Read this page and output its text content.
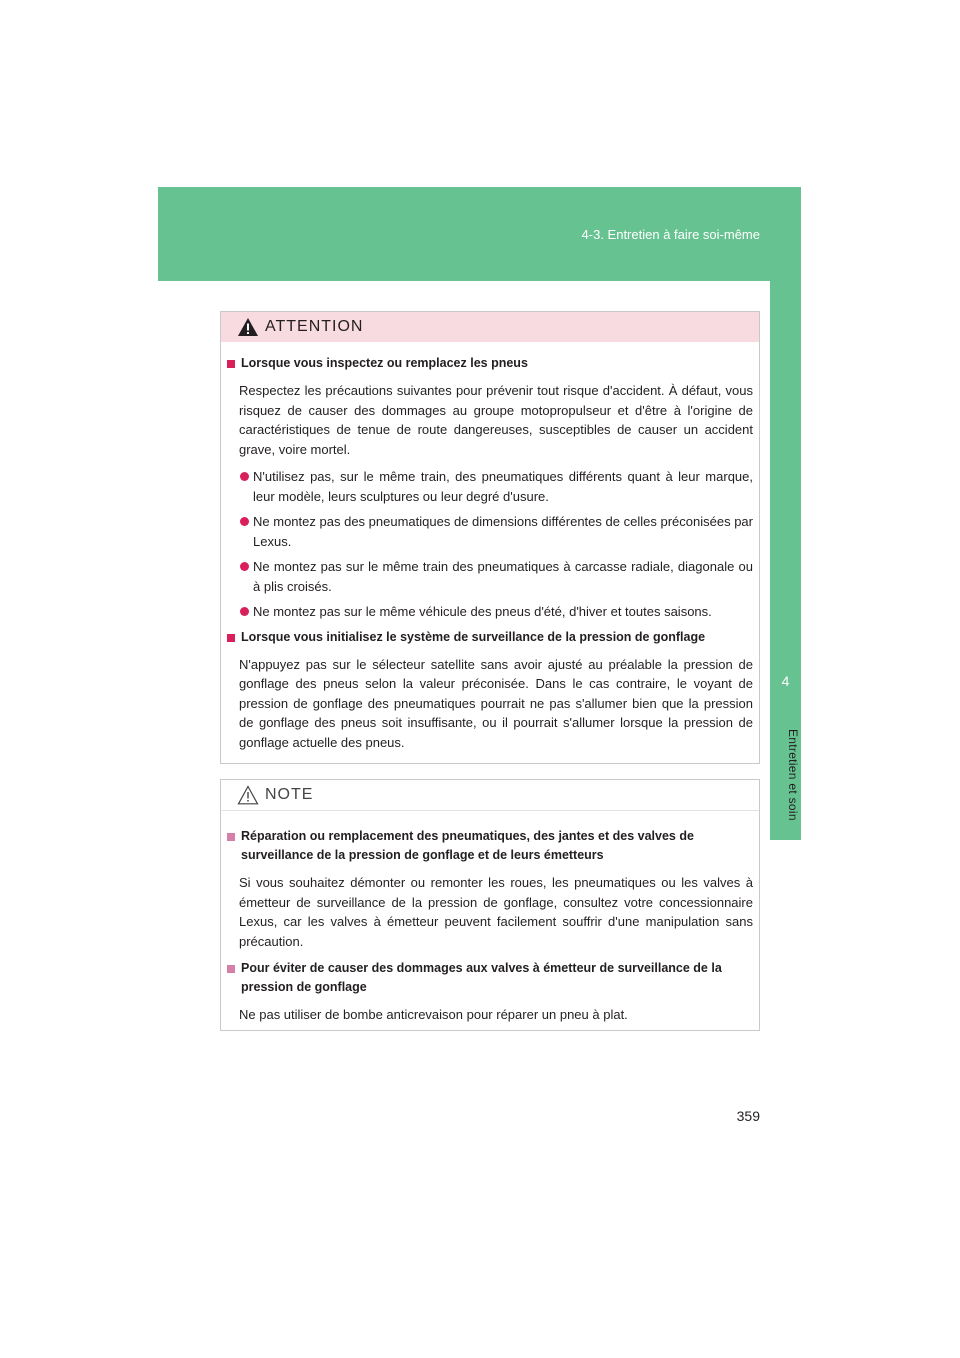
4-3. Entretien à faire soi-même
4
Entretien et soin
ATTENTION
Lorsque vous inspectez ou remplacez les pneus
Respectez les précautions suivantes pour prévenir tout risque d'accident. À défaut, vous risquez de causer des dommages au groupe motopropulseur et d'être à l'origine de caractéristiques de tenue de route dangereuses, susceptibles de causer un accident grave, voire mortel.
N'utilisez pas, sur le même train, des pneumatiques différents quant à leur marque, leur modèle, leurs sculptures ou leur degré d'usure.
Ne montez pas des pneumatiques de dimensions différentes de celles préconisées par Lexus.
Ne montez pas sur le même train des pneumatiques à carcasse radiale, diagonale ou à plis croisés.
Ne montez pas sur le même véhicule des pneus d'été, d'hiver et toutes saisons.
Lorsque vous initialisez le système de surveillance de la pression de gonflage
N'appuyez pas sur le sélecteur satellite sans avoir ajusté au préalable la pression de gonflage des pneus selon la valeur préconisée. Dans le cas contraire, le voyant de pression de gonflage des pneumatiques pourrait ne pas s'allumer bien que la pression de gonflage des pneus soit insuffisante, ou il pourrait s'allumer lorsque la pression de gonflage actuelle des pneus.
NOTE
Réparation ou remplacement des pneumatiques, des jantes et des valves de surveillance de la pression de gonflage et de leurs émetteurs
Si vous souhaitez démonter ou remonter les roues, les pneumatiques ou les valves à émetteur de surveillance de la pression de gonflage, consultez votre concessionnaire Lexus, car les valves à émetteur peuvent facilement souffrir d'une manipulation sans précaution.
Pour éviter de causer des dommages aux valves à émetteur de surveillance de la pression de gonflage
Ne pas utiliser de bombe anticrevaison pour réparer un pneu à plat.
359
